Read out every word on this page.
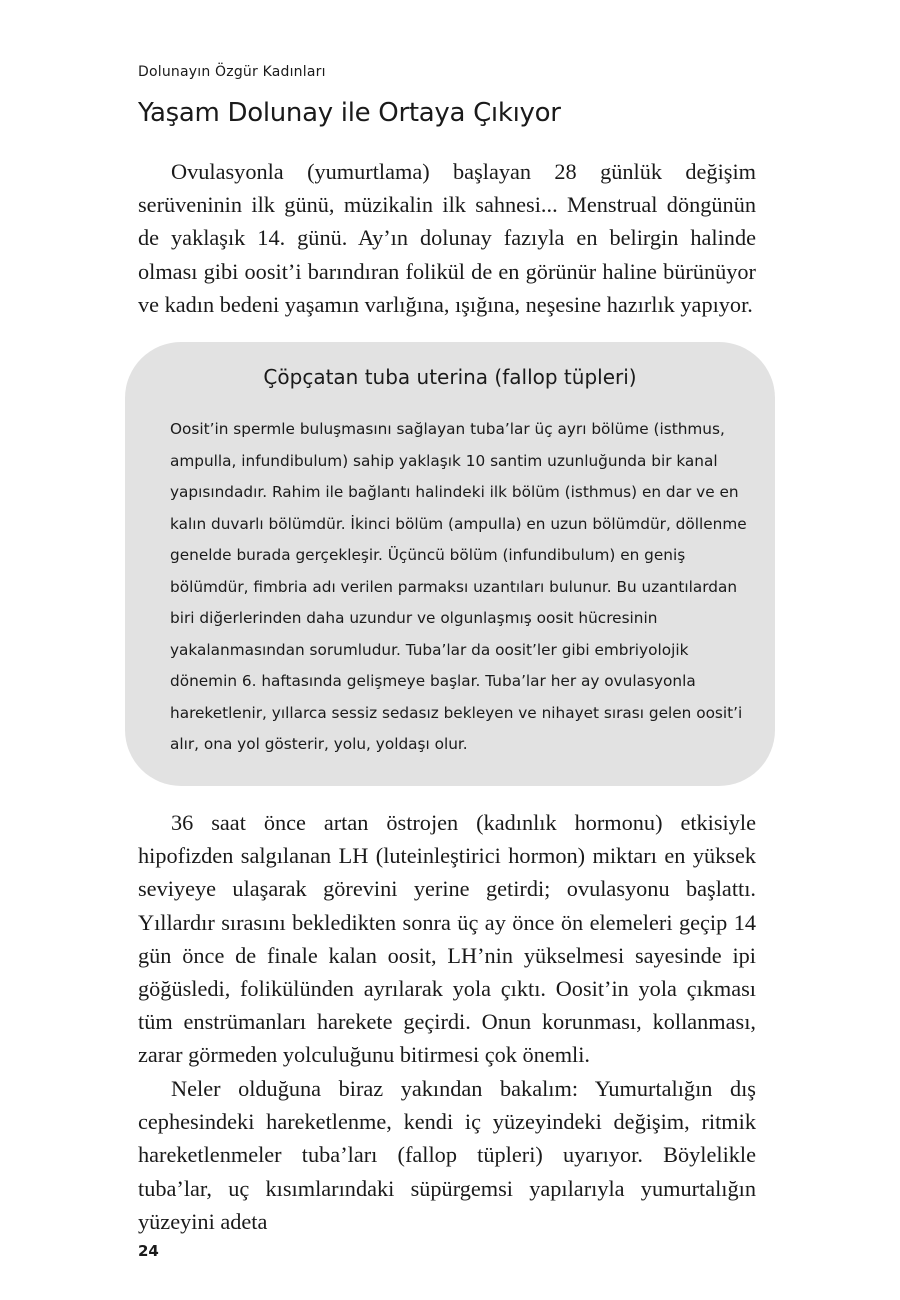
Dolunayın Özgür Kadınları
Yaşam Dolunay ile Ortaya Çıkıyor

Ovulasyonla (yumurtlama) başlayan 28 günlük değişim serüveninin ilk günü, müzikalin ilk sahnesi... Menstrual döngünün de yaklaşık 14. günü. Ay’ın dolunay fazıyla en belirgin halinde olması gibi oosit’i barındıran folikül de en görünür haline bürünüyor ve kadın bedeni yaşamın varlığına, ışığına, neşesine hazırlık yapıyor.

Çöpçatan tuba uterina (fallop tüpleri)

Oosit’in spermle buluşmasını sağlayan tuba’lar üç ayrı bölüme (isthmus, ampulla, infundibulum) sahip yaklaşık 10 santim uzunluğunda bir kanal yapısındadır. Rahim ile bağlantı halindeki ilk bölüm (isthmus) en dar ve en kalın duvarlı bölümdür. İkinci bölüm (ampulla) en uzun bölümdür, döllenme genelde burada gerçekleşir. Üçüncü bölüm (infundibulum) en geniş bölümdür, fimbria adı verilen parmaksı uzantıları bulunur. Bu uzantılardan biri diğerlerinden daha uzundur ve olgunlaşmış oosit hücresinin yakalanmasından sorumludur. Tuba’lar da oosit’ler gibi embriyolojik dönemin 6. haftasında gelişmeye başlar. Tuba’lar her ay ovulasyonla hareketlenir, yıllarca sessiz sedasız bekleyen ve nihayet sırası gelen oosit’i alır, ona yol gösterir, yolu, yoldaşı olur.

36 saat önce artan östrojen (kadınlık hormonu) etkisiyle hipofizden salgılanan LH (luteinleştirici hormon) miktarı en yüksek seviyeye ulaşarak görevini yerine getirdi; ovulasyonu başlattı. Yıllardır sırasını bekledikten sonra üç ay önce ön elemeleri geçip 14 gün önce de finale kalan oosit, LH’nin yükselmesi sayesinde ipi göğüsledi, folikülünden ayrılarak yola çıktı. Oosit’in yola çıkması tüm enstrümanları harekete geçirdi. Onun korunması, kollanması, zarar görmeden yolculuğunu bitirmesi çok önemli.

Neler olduğuna biraz yakından bakalım: Yumurtalığın dış cephesindeki hareketlenme, kendi iç yüzeyindeki değişim, ritmik hareketlenmeler tuba’ları (fallop tüpleri) uyarıyor. Böylelikle tuba’lar, uç kısımlarındaki süpürgemsi yapılarıyla yumurtalığın yüzeyini adeta

24
